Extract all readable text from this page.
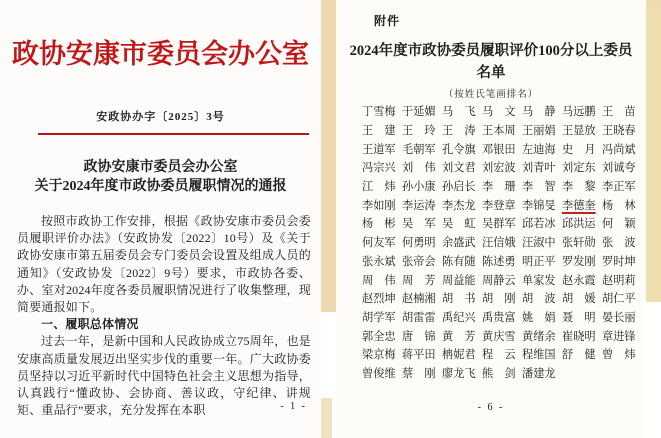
政协安康市委员会办公室
安政协办字〔2025〕3号
政协安康市委员会办公室
关于2024年度市政协委员履职情况的通报

按照市政协工作安排，根据《政协安康市委员会委员履职评价办法》（安政协发〔2022〕10号）及《关于政协安康市第五届委员会专门委员会设置及组成人员的通知》（安政协发〔2022〕9号）要求，市政协各委、办、室对2024年度各委员履职情况进行了收集整理，现简要通报如下。

一、履职总体情况

过去一年，是新中国和人民政协成立75周年，也是安康高质量发展迈出坚实步伐的重要一年。广大政协委员坚持以习近平新时代中国特色社会主义思想为指导，认真践行“懂政协、会协商、善议政，守纪律、讲规矩、重品行”要求，充分发挥在本职	- 1 -
附件
2024年度市政协委员履职评价100分以上委员
名单
（按姓氏笔画排名）
丁雪梅 于延媚 马　飞 马　文 马　静 马远鹏 王　苗
王　建 王　玲 王　涛 王本周 王丽娟 王显放 王晓春
王道军 毛朝军 孔令旗 邓银田 左迪海 史　月 冯尚斌
冯宗兴 刘　伟 刘文君 刘宏波 刘青叶 刘定东 刘诚夸
江　炜 孙小康 孙启长 李　珊 李　智 李　黎 李正军
李如刚 李运涛 李杰龙 李登章 李锦旻 李德奎 杨　林
杨　彬 吴　军 吴　虹 吴群军 邱若冰 邱洪运 何　颖
何友军 何勇明 余盛武 汪信娥 汪淑中 张轩勋 张　波
张永斌 张帝会 陈有随 陈述勇 明正平 罗发刚 罗时坤
周　伟 周　芳 周益能 周静云 单家发 赵永霞 赵明莉
赵烈坤 赵楠湘 胡　书 胡　刚 胡　波 胡　媛 胡仁平
胡学军 胡雷雷 禹纪兴 禹贵富 姚　娟 聂　明 晏长丽
郭全忠 唐　锦 黄　芳 黄庆雪 黄绪余 崔晓明 章进锋
梁京梅 蒋平田 柟妮君 程　云 程维国 舒　健 曾　炜
曾俊维 蔡　刚 廖龙飞 熊　剑 潘建龙
- 6 -
